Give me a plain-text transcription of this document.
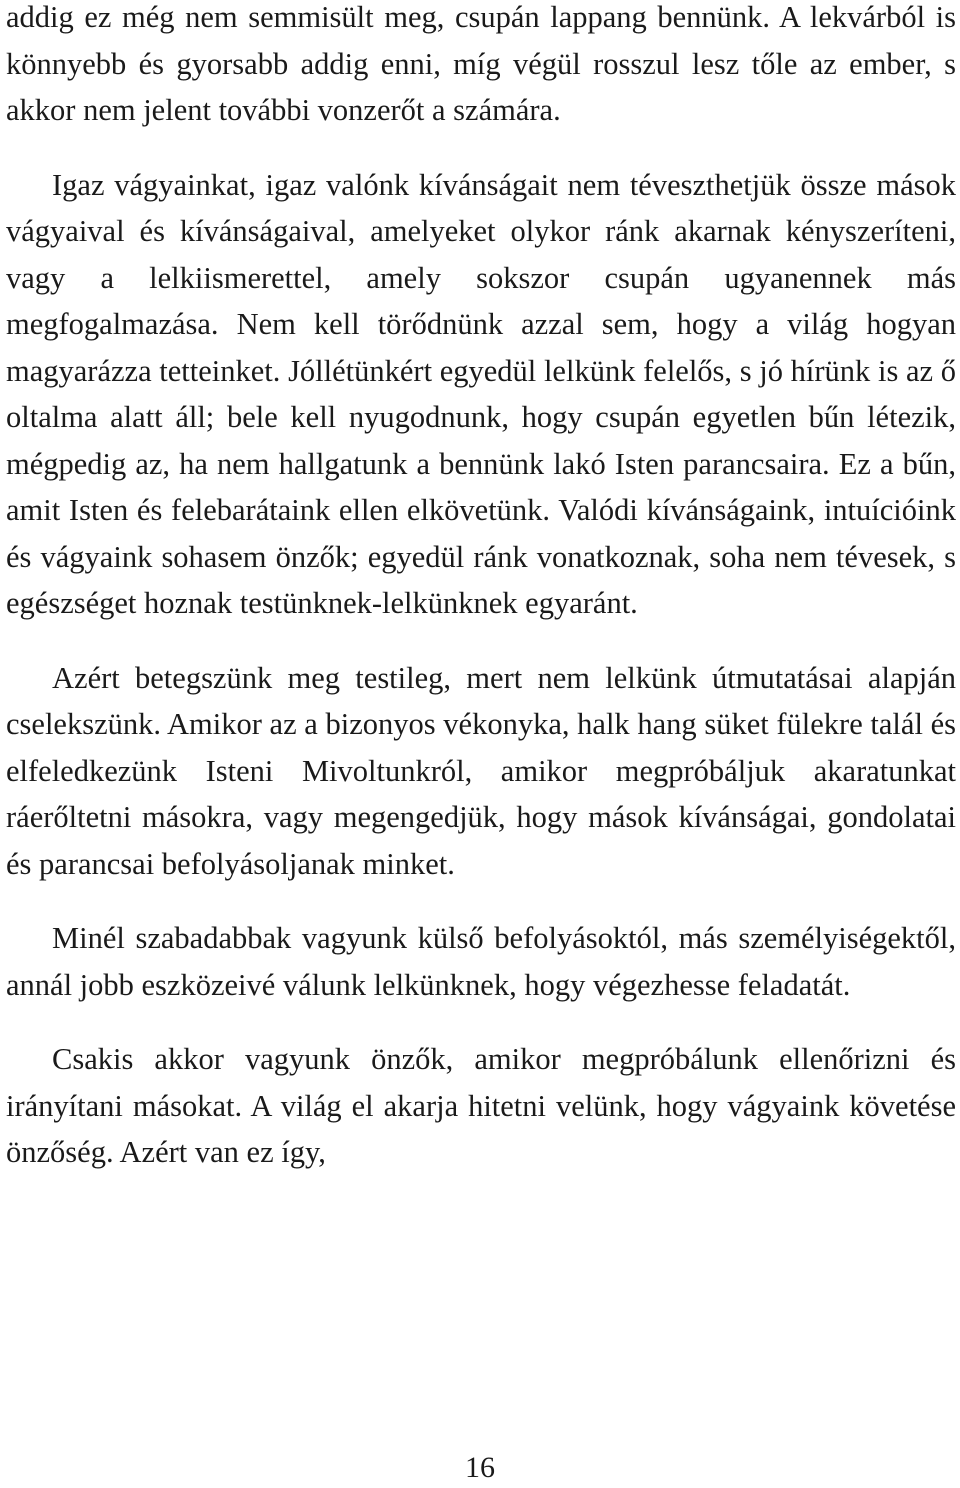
addig ez még nem semmisült meg, csupán lappang bennünk. A lekvárból is könnyebb és gyorsabb addig enni, míg végül rosszul lesz tőle az ember, s akkor nem jelent további vonzerőt a számára.

Igaz vágyainkat, igaz valónk kívánságait nem téveszthetjük össze mások vágyaival és kívánságaival, amelyeket olykor ránk akarnak kényszeríteni, vagy a lelkiismerettel, amely sokszor csupán ugyanennek más megfogalmazása. Nem kell törődnünk azzal sem, hogy a világ hogyan magyarázza tetteinket. Jóllétünkért egyedül lelkünk felelős, s jó hírünk is az ő oltalma alatt áll; bele kell nyugodnunk, hogy csupán egyetlen bűn létezik, mégpedig az, ha nem hallgatunk a bennünk lakó Isten parancsaira. Ez a bűn, amit Isten és felebarátaink ellen elkövetünk. Valódi kívánságaink, intuícióink és vágyaink sohasem önzők; egyedül ránk vonatkoznak, soha nem tévesek, s egészséget hoznak testünknek-lelkünknek egyaránt.

Azért betegszünk meg testileg, mert nem lelkünk útmutatásai alapján cselekszünk. Amikor az a bizonyos vékonyka, halk hang süket fülekre talál és elfeledkezünk Isteni Mivoltunkról, amikor megpróbáljuk akaratunkat ráerőltetni másokra, vagy megengedjük, hogy mások kívánságai, gondolatai és parancsai befolyásoljanak minket.

Minél szabadabbak vagyunk külső befolyásoktól, más személyiségektől, annál jobb eszközeivé válunk lelkünknek, hogy végezhesse feladatát.

Csakis akkor vagyunk önzők, amikor megpróbálunk ellenőrizni és irányítani másokat. A világ el akarja hitetni velünk, hogy vágyaink követése önzőség. Azért van ez így,

16
